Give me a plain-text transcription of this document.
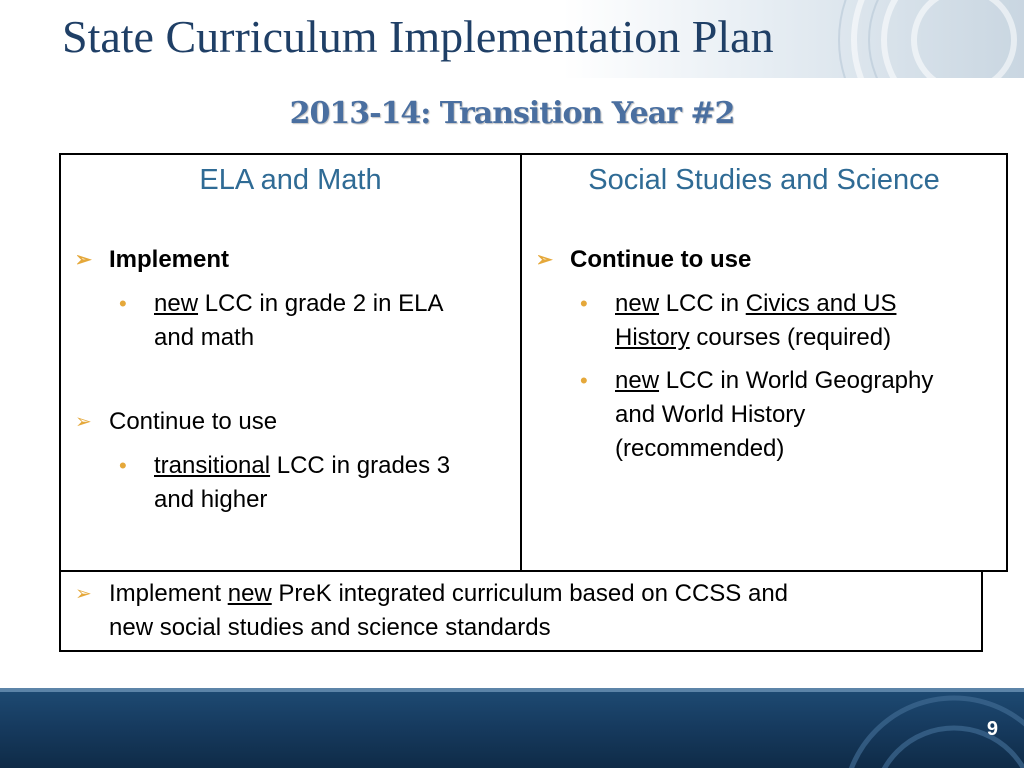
State Curriculum Implementation Plan
2013-14: Transition Year #2
ELA and Math
➢ Implement
• new LCC in grade 2 in ELA
and math
➢ Continue to use
• transitional LCC in grades 3
and higher
Social Studies and Science
➢ Continue to use
• new LCC in Civics and US
History courses (required)
• new LCC in World Geography
and World History
(recommended)
➢ Implement new PreK integrated curriculum based on CCSS and
new social studies and science standards
9
